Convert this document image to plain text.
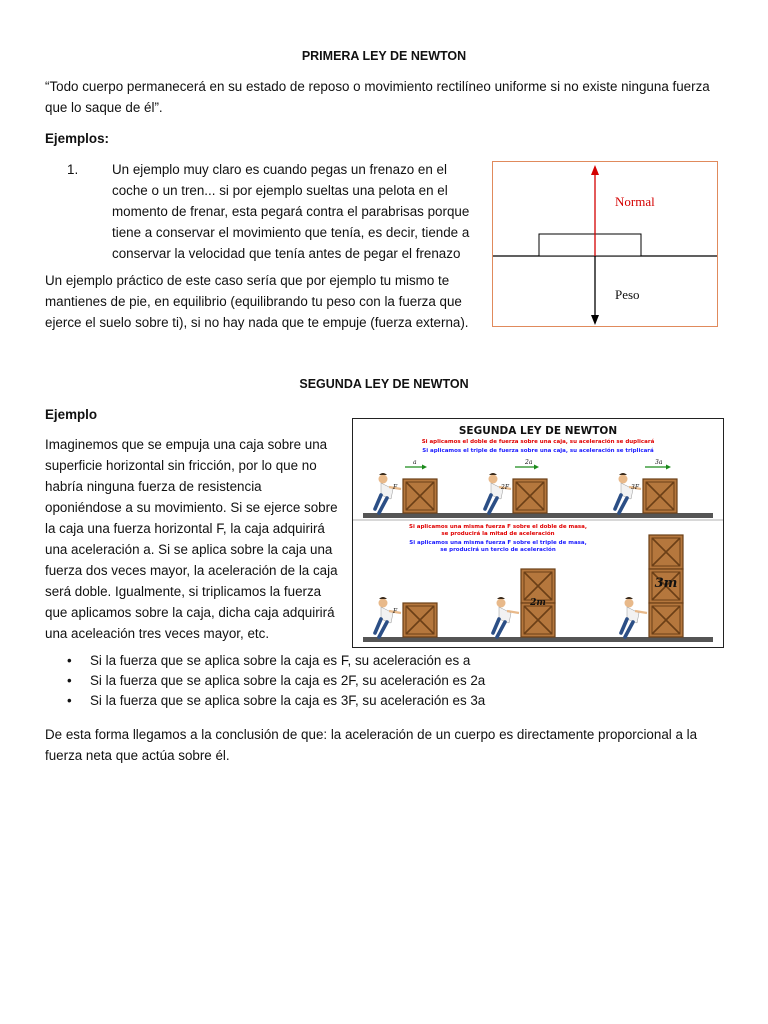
PRIMERA LEY DE NEWTON
“Todo cuerpo permanecerá en su estado de reposo o movimiento rectilíneo uniforme si no existe ninguna fuerza
que lo saque de él”.
Ejemplos:
1.	Un ejemplo muy claro es cuando pegas un frenazo en el
coche o un tren... si por ejemplo sueltas una pelota en el
momento de frenar, esta pegará contra el parabrisas porque
tiene a conservar el movimiento que tenía, es decir, tiende a
conservar la velocidad que tenía antes de pegar el frenazo
Un ejemplo práctico de este caso sería que por ejemplo tu mismo te
mantienes de pie, en equilibrio (equilibrando tu peso con la fuerza que
ejerce el suelo sobre ti), si no hay nada que te empuje (fuerza externa).
Normal
Peso
SEGUNDA LEY DE NEWTON
Ejemplo
Imaginemos que se empuja una caja sobre una
superficie horizontal sin fricción, por lo que no
habría ninguna fuerza de resistencia
oponiéndose a su movimiento. Si se ejerce sobre
la caja una fuerza horizontal F, la caja adquirirá
una aceleración a. Si se aplica sobre la caja una
fuerza dos veces mayor, la aceleración de la caja
será doble. Igualmente, si triplicamos la fuerza
que aplicamos sobre la caja, dicha caja adquirirá
una aceleación tres veces mayor, etc.
SEGUNDA LEY DE NEWTON
Si aplicamos el doble de fuerza sobre una caja, su aceleración se duplicará
Si aplicamos el triple de fuerza sobre una caja, su aceleración se triplicará
a
F
2a
2F
3a
3F
Si aplicamos una misma fuerza F sobre el doble de masa,
se producirá la mitad de aceleración
Si aplicamos una misma fuerza F sobre el triple de masa,
se producirá un tercio de aceleración
F
2m
3m
• Si la fuerza que se aplica sobre la caja es F, su aceleración es a
• Si la fuerza que se aplica sobre la caja es 2F, su aceleración es 2a
• Si la fuerza que se aplica sobre la caja es 3F, su aceleración es 3a
De esta forma llegamos a la conclusión de que: la aceleración de un cuerpo es directamente proporcional a la
fuerza neta que actúa sobre él.
